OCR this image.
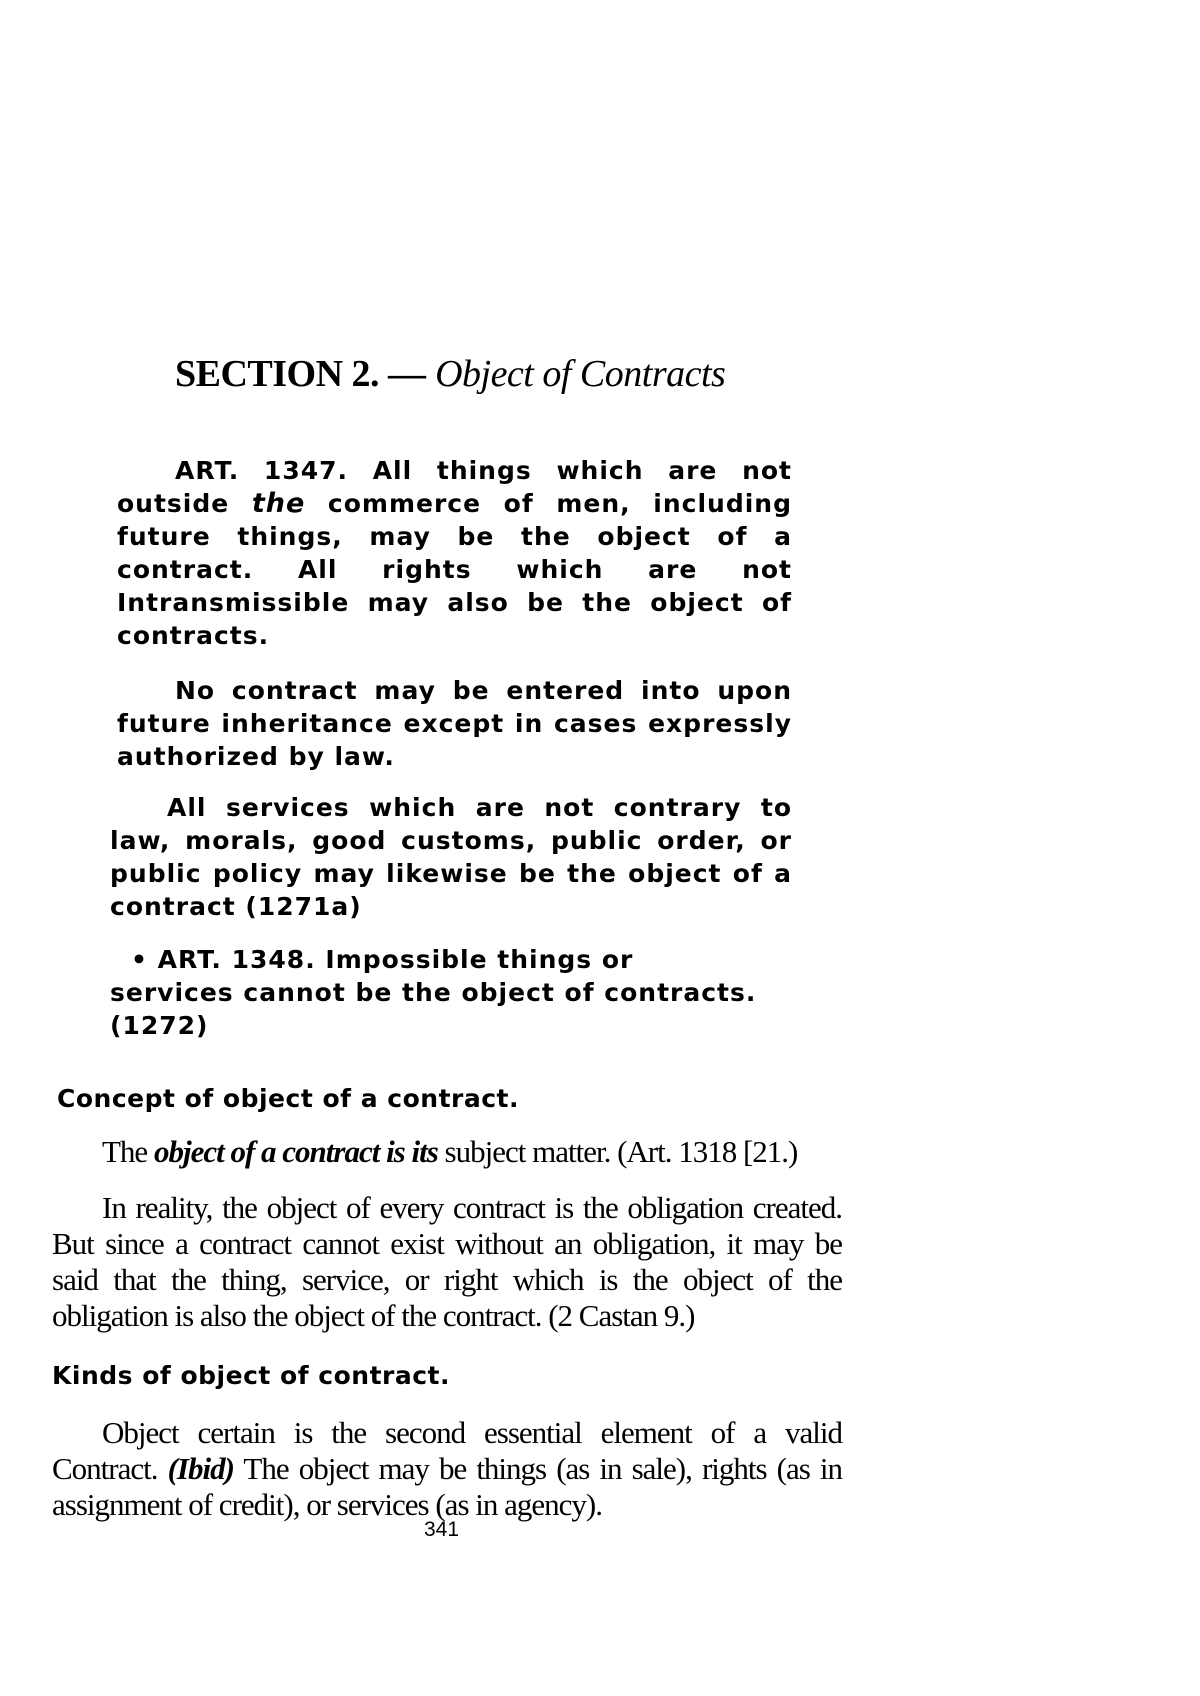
SECTION 2. — Object of Contracts

ART. 1347. All things which are not outside the commerce of men, including future things, may be the object of a contract. All rights which are not Intransmissible may also be the object of contracts.

No contract may be entered into upon future inheritance except in cases expressly authorized by law.

All services which are not contrary to law, morals, good customs, public order, or public policy may likewise be the object of a contract (1271a)

• ART. 1348. Impossible things or
services cannot be the object of contracts. (1272)

Concept of object of a contract.

The object of a contract is its subject matter. (Art. 1318 [21.)

In reality, the object of every contract is the obligation created. But since a contract cannot exist without an obligation, it may be said that the thing, service, or right which is the object of the obligation is also the object of the contract. (2 Castan 9.)

Kinds of object of contract.

Object certain is the second essential element of a valid Contract. (Ibid) The object may be things (as in sale), rights (as in assignment of credit), or services (as in agency).

341
